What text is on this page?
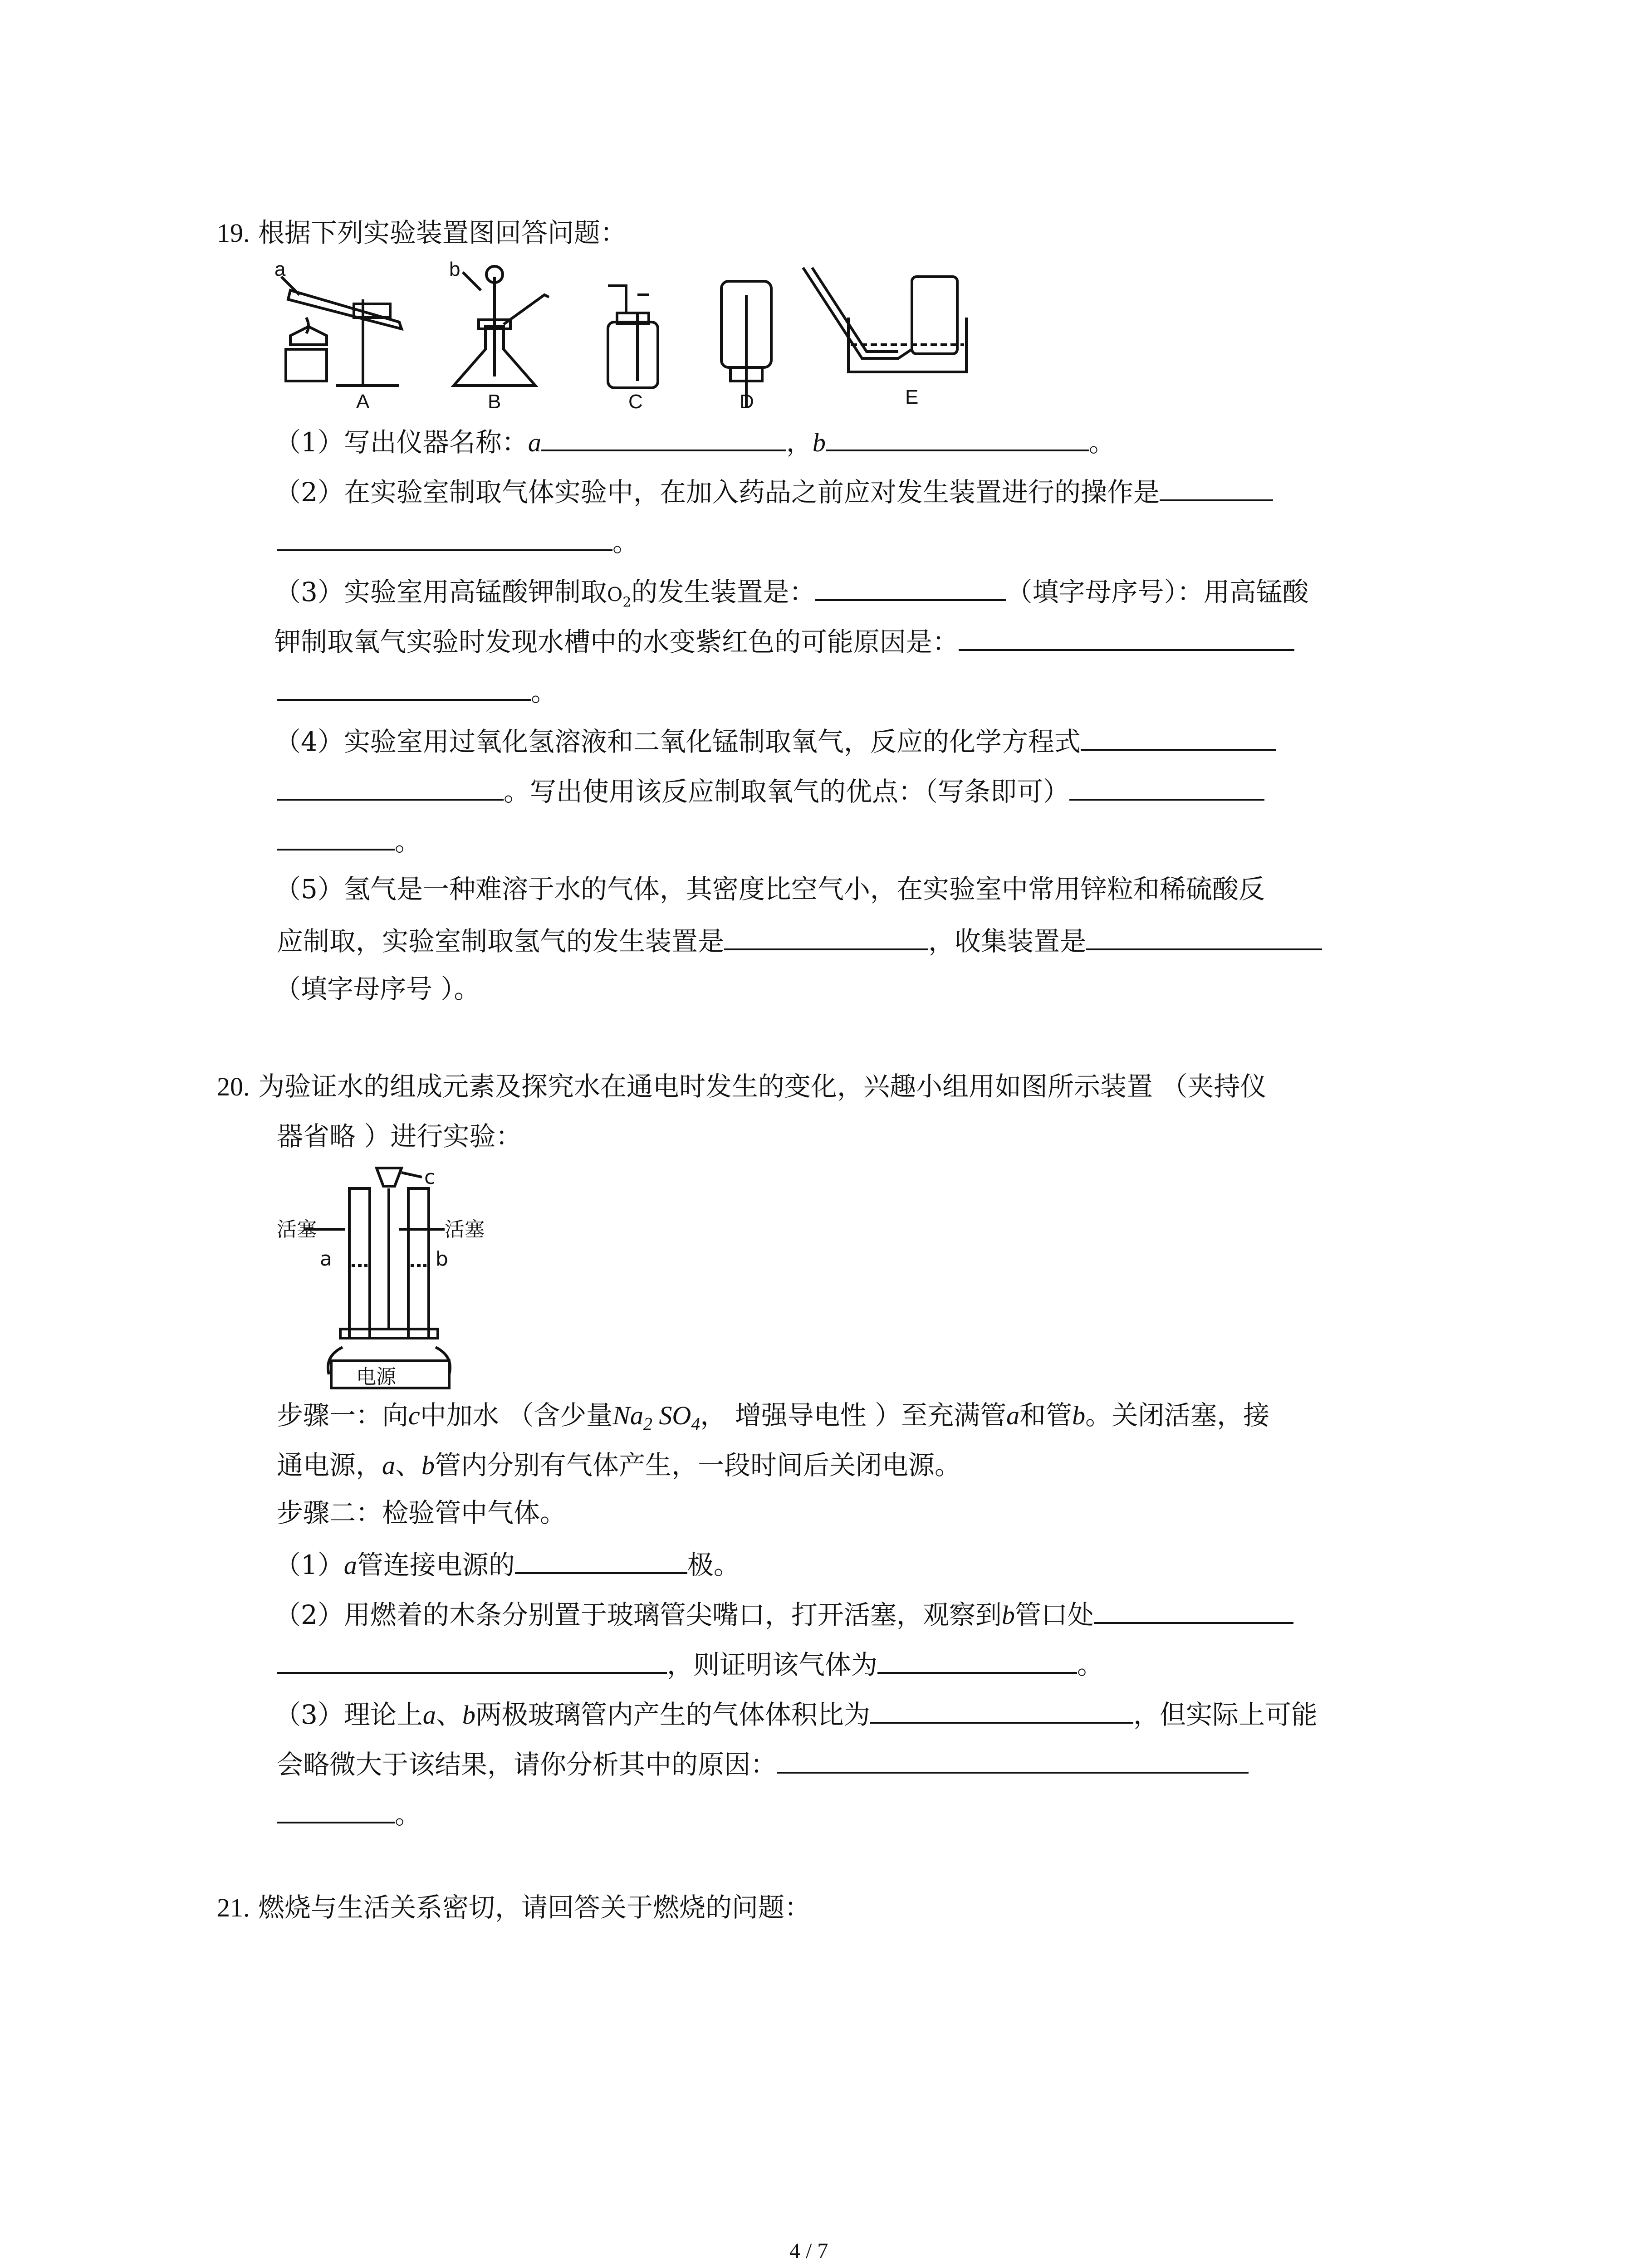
19. 根据下列实验装置图回答问题：
a	b
A	B	C	D	E
（1）写出仪器名称：a	，b	。
（2）在实验室制取气体实验中，在加入药品之前应对发生装置进行的操作是
。
（3）实验室用高锰酸钾制取$O_2$的发生装置是：	（填字母序号）：用高锰酸
钾制取氧气实验时发现水槽中的水变紫红色的可能原因是：
。
（4）实验室用过氧化氢溶液和二氧化锰制取氧气，反应的化学方程式
。写出使用该反应制取氧气的优点：（写条即可）
。
（5）氢气是一种难溶于水的气体，其密度比空气小，在实验室中常用锌粒和稀硫酸反
应制取，实验室制取氢气的发生装置是	，收集装置是
（填字母序号 ）。
20. 为验证水的组成元素及探究水在通电时发生的变化，兴趣小组用如图所示装置 （夹持仪
器省略 ）进行实验：
c
活塞	活塞
a	b
电源
步骤一：向c中加水 （含少量$Na_2$ $SO_4$， 增强导电性 ）至充满管a和管b。关闭活塞，接
通电源，a、b管内分别有气体产生，一段时间后关闭电源。
步骤二：检验管中气体。
（1）a管连接电源的	极。
（2）用燃着的木条分别置于玻璃管尖嘴口，打开活塞，观察到b管口处
，则证明该气体为	。
（3）理论上a、b两极玻璃管内产生的气体体积比为	，但实际上可能
会略微大于该结果，请你分析其中的原因：
。
21. 燃烧与生活关系密切，请回答关于燃烧的问题：
4 / 7
